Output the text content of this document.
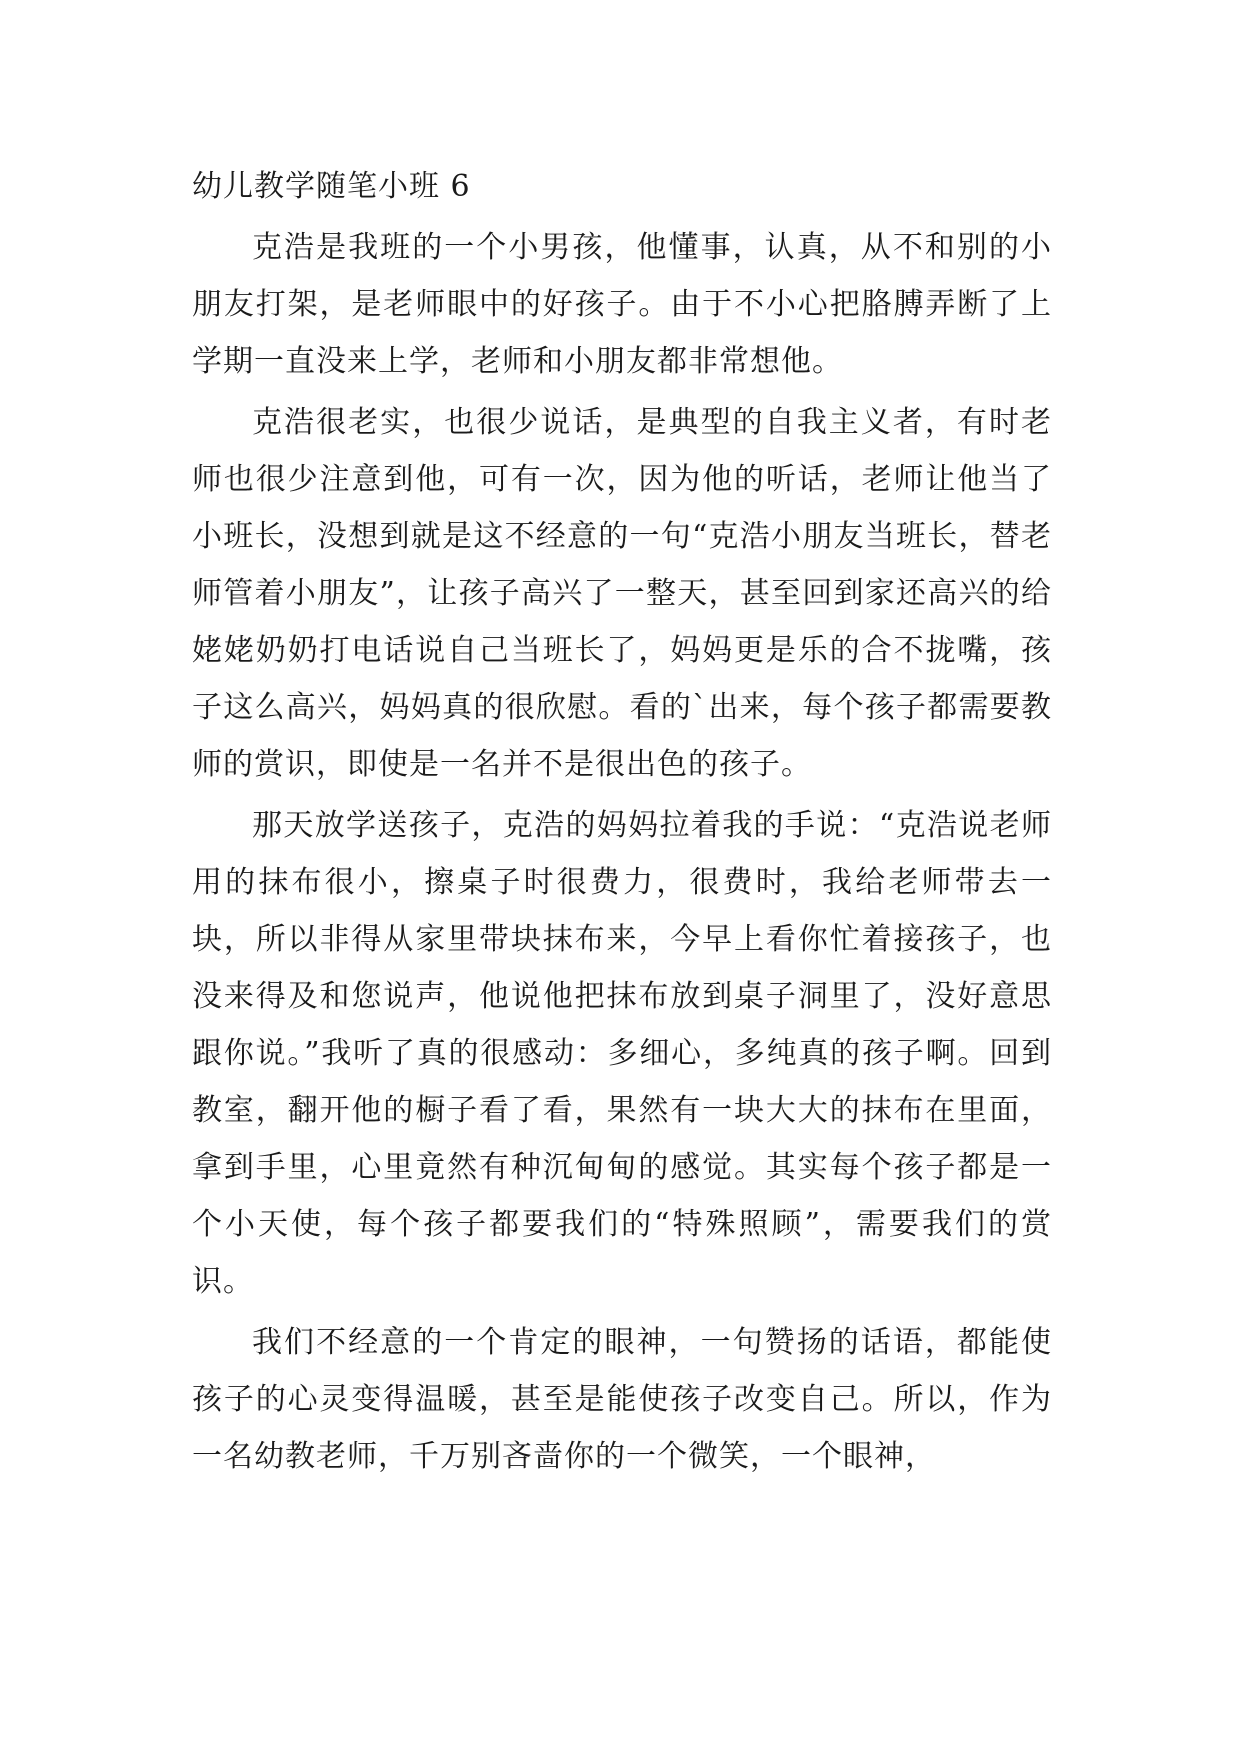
幼儿教学随笔小班 6

克浩是我班的一个小男孩，他懂事，认真，从不和别的小朋友打架，是老师眼中的好孩子。由于不小心把胳膊弄断了上学期一直没来上学，老师和小朋友都非常想他。

克浩很老实，也很少说话，是典型的自我主义者，有时老师也很少注意到他，可有一次，因为他的听话，老师让他当了小班长，没想到就是这不经意的一句“克浩小朋友当班长，替老师管着小朋友”，让孩子高兴了一整天，甚至回到家还高兴的给姥姥奶奶打电话说自己当班长了，妈妈更是乐的合不拢嘴，孩子这么高兴，妈妈真的很欣慰。看的`出来，每个孩子都需要教师的赏识，即使是一名并不是很出色的孩子。

那天放学送孩子，克浩的妈妈拉着我的手说：“克浩说老师用的抹布很小，擦桌子时很费力，很费时，我给老师带去一块，所以非得从家里带块抹布来，今早上看你忙着接孩子，也没来得及和您说声，他说他把抹布放到桌子洞里了，没好意思跟你说。”我听了真的很感动：多细心，多纯真的孩子啊。回到教室，翻开他的橱子看了看，果然有一块大大的抹布在里面，拿到手里，心里竟然有种沉甸甸的感觉。其实每个孩子都是一个小天使，每个孩子都要我们的“特殊照顾”，需要我们的赏识。

我们不经意的一个肯定的眼神，一句赞扬的话语，都能使孩子的心灵变得温暖，甚至是能使孩子改变自己。所以，作为一名幼教老师，千万别吝啬你的一个微笑，一个眼神，
